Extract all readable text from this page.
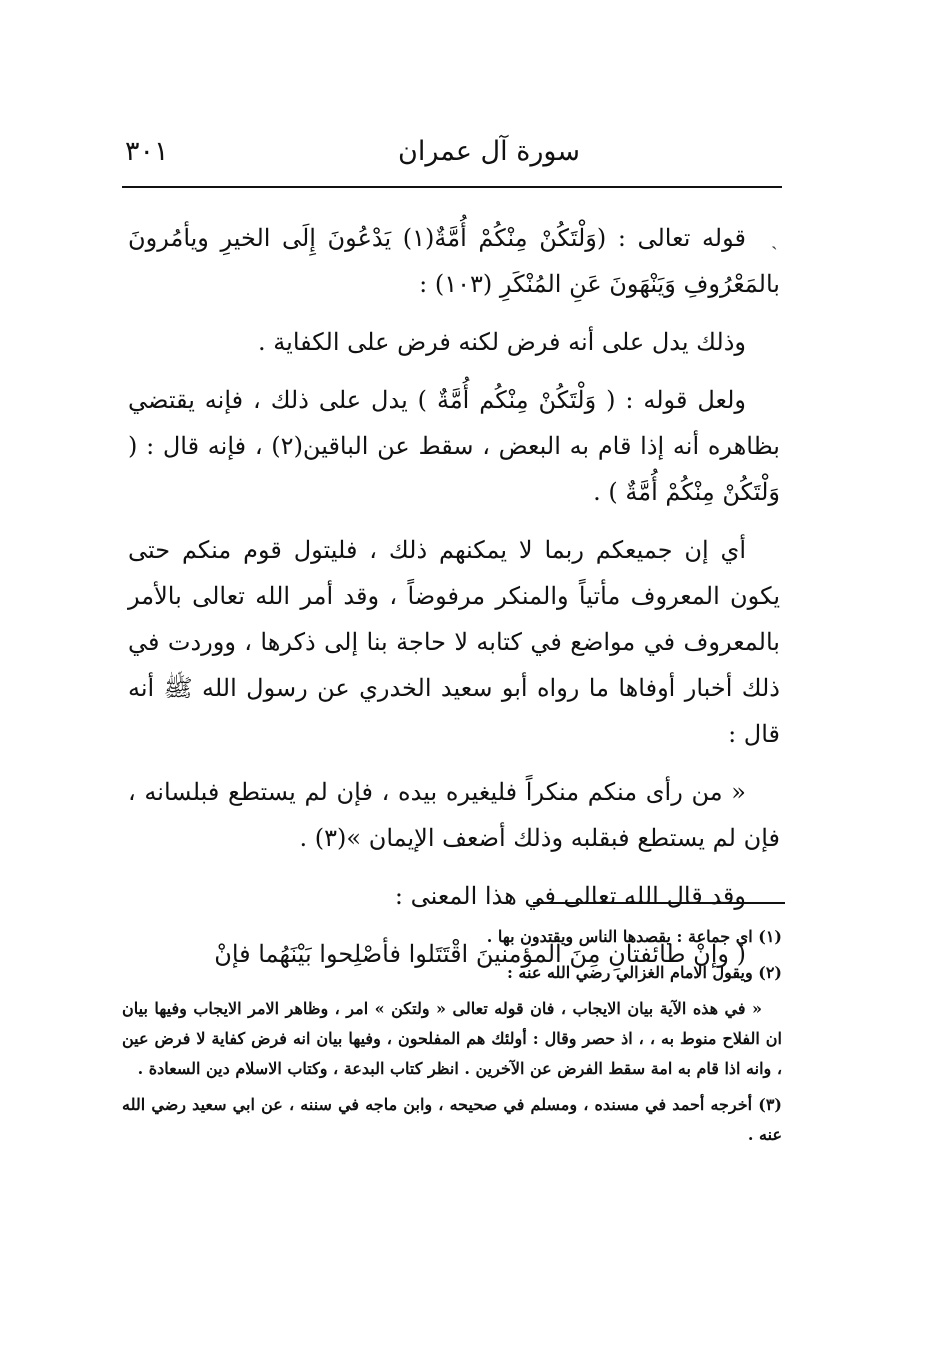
سورة آل عمران
٣٠١
ˎ

قوله تعالى : (وَلْتَكُنْ مِنْكُمْ أُمَّةٌ(١) يَدْعُونَ إِلَى الخيرِ ويأمُرونَ بالمَعْرُوفِ وَيَنْهَونَ عَنِ المُنْكَرِ (١٠٣) :

وذلك يدل على أنه فرض لكنه فرض على الكفاية .

ولعل قوله : ( وَلْتَكُنْ مِنْكُم أُمَّةٌ ) يدل على ذلك ، فإنه يقتضي بظاهره أنه إذا قام به البعض ، سقط عن الباقين(٢) ، فإنه قال : ( وَلْتَكُنْ مِنْكُمْ أُمَّةٌ ) .

أي إن جميعكم ربما لا يمكنهم ذلك ، فليتول قوم منكم حتى يكون المعروف مأتياً والمنكر مرفوضاً ، وقد أمر الله تعالى بالأمر بالمعروف في مواضع في كتابه لا حاجة بنا إلى ذكرها ، ووردت في ذلك أخبار أوفاها ما رواه أبو سعيد الخدري عن رسول الله ﷺ أنه قال :

« من رأى منكم منكراً فليغيره بيده ، فإن لم يستطع فبلسانه ، فإن لم يستطع فبقلبه وذلك أضعف الإيمان »(٣) .

وقد قال الله تعالى في هذا المعنى :

( وإنْ طائفتانِ مِنَ المؤمنينَ اقْتَتَلوا فأصْلِحوا بَيْنَهُما فإنْ

(١) اي جماعة : يقصدها الناس ويقتدون بها .

(٢) ويقول الامام الغزالي رضي الله عنه :

« في هذه الآية بيان الايجاب ، فان قوله تعالى « ولتكن » امر ، وظاهر الامر الايجاب وفيها بيان ان الفلاح منوط به ، ، اذ حصر وقال : أولئك هم المفلحون ، وفيها بيان انه فرض كفاية لا فرض عين ، وانه اذا قام به امة سقط الفرض عن الآخرين . انظر كتاب البدعة ، وكتاب الاسلام دين السعادة .

(٣) أخرجه أحمد في مسنده ، ومسلم في صحيحه ، وابن ماجه في سننه ، عن ابي سعيد رضي الله عنه .
